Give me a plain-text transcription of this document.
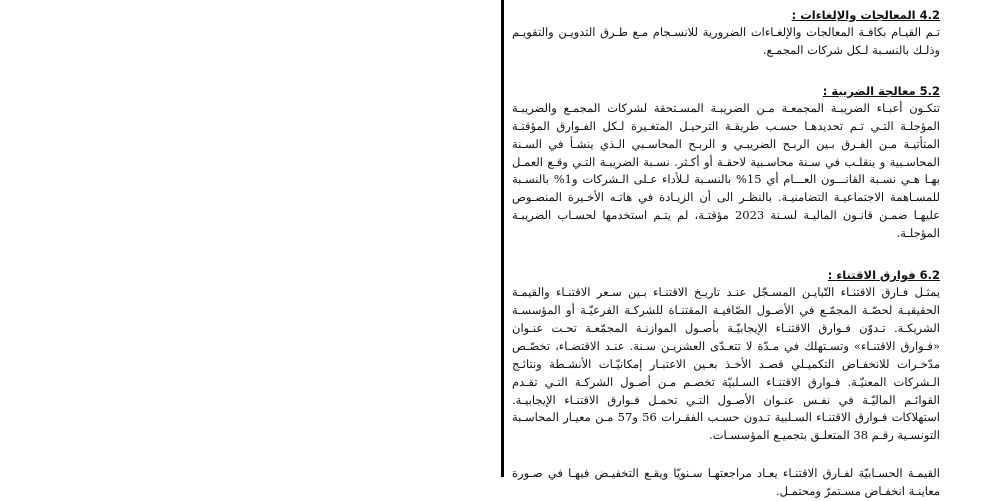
4.2 المعالجات والإلغاءات :

تـم القيـام بكافـة المعالجات والإلغـاءات الضرورية للانسـجام مـع طـرق التدويـن والتقويـم وذلـك بالنسـبة لـكل شركات المجمـع.

5.2 معالجة الضريبة :

تتكـون أعبـاء الضريبـة المجمعـة مـن الضريبـة المسـتحقة لشركات المجمـع والضريبـة المؤجلـة التـي تـم تحديدهـا حسـب طريقـة الترحيـل المتغـيرة لـكل الفـوارق المؤقتـة المتأتيـة مـن الفـرق بـين الربـح الضريبـي و الربـح المحاسـبي الـذي ينشـأ في السـنة المحاسـبية و ينقلـب في سـنة محاسـبية لاحقـة أو أكـثر. نسـبة الضريبـة التـي وقـع العمـل بهـا هـي نسـبة القانـــون العـــام أي 15% بالنسـبة لـلأداء عـلى الـشركات و1% بالنسـبة للمسـاهمة الاجتماعيـة التضامنيـة. بالنظـر الى أن الزيـادة في هاتـه الأخـيرة المنصـوص عليهـا ضمـن قانـون الماليـة لسـنة 2023 مؤقتـة، لم يتـم استخدمها لحسـاب الضريبـة المؤجلـة.

6.2 فوارق الاقتناء :

يمثـل فـارق الاقتنـاء التّبايـن المسـجّل عنـد تاريـخ الاقتنـاء بـين سـعر الاقتنـاء والقيمـة الحقيقيـة لحصّـة المجمّـع في الأصـول الصّافيـة المقتنـاة للشركـة الفرعيّـة أو المؤسسـة الشريكـة. تـدوّن فـوارق الاقتنـاء الإيجابيّـة بأصـول الموازنـة المجمّعـة تحـت عنـوان «فـوارق الاقتنـاء» وتسـتهلك في مـدّة لا تتعـدّى العشريـن سـنة. عنـد الاقتضـاء، تخصّـص مدّخـرات للانخفـاض التكميـلي قصـد الأخـذ بعـين الاعتبـار إمكانيّـات الأنشـطة ونتائـج الـشركات المعنيّـة. فـوارق الاقتنـاء السـلبيّة تخصـم مـن أصـول الشركـة التـي تقـدم القوائـم الماليّـة في نفـس عنـوان الأصـول التـي تحمـل فـوارق الاقتنـاء الإيجابيـة. استهلاكات فـوارق الاقتنـاء السـلبية تـدون حسـب الفقـرات 56 و57 مـن معيـار المحاسـبة التونسـية رقـم 38 المتعلـق بتجميـع المؤسسـات.

القيمـة الحسـابيّة لفـارق الاقتنـاء يعـاد مراجعتهـا سـنويّا ويقـع التخفيـض فيهـا في صـورة معاينـة انخفـاض مسـتمرّ ومحتمـل.
